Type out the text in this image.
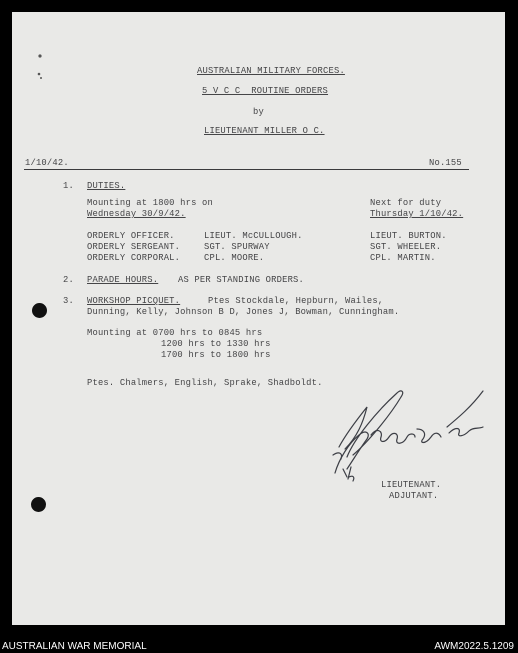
AUSTRALIAN MILITARY FORCES.
5 V C C  ROUTINE ORDERS
by
LIEUTENANT MILLER O C.
1/10/42.	No.155
1. DUTIES.
Mounting at 1800 hrs on
Wednesday 30/9/42.
Next for duty
Thursday 1/10/42.
ORDERLY OFFICER.	LIEUT. McCULLOUGH.	LIEUT. BURTON.
ORDERLY SERGEANT.	SGT. SPURWAY	SGT. WHEELER.
ORDERLY CORPORAL.	CPL. MOORE.	CPL. MARTIN.
2. PARADE HOURS. AS PER STANDING ORDERS.
3. WORKSHOP PICQUET.	Ptes Stockdale, Hepburn, Wailes,
Dunning, Kelly, Johnson B D, Jones J, Bowman, Cunningham.
Mounting at 0700 hrs to 0845 hrs
1200 hrs to 1330 hrs
1700 hrs to 1800 hrs
Ptes. Chalmers, English, Sprake, Shadboldt.
LIEUTENANT.
ADJUTANT.
AUSTRALIAN WAR MEMORIAL	AWM2022.5.1209
